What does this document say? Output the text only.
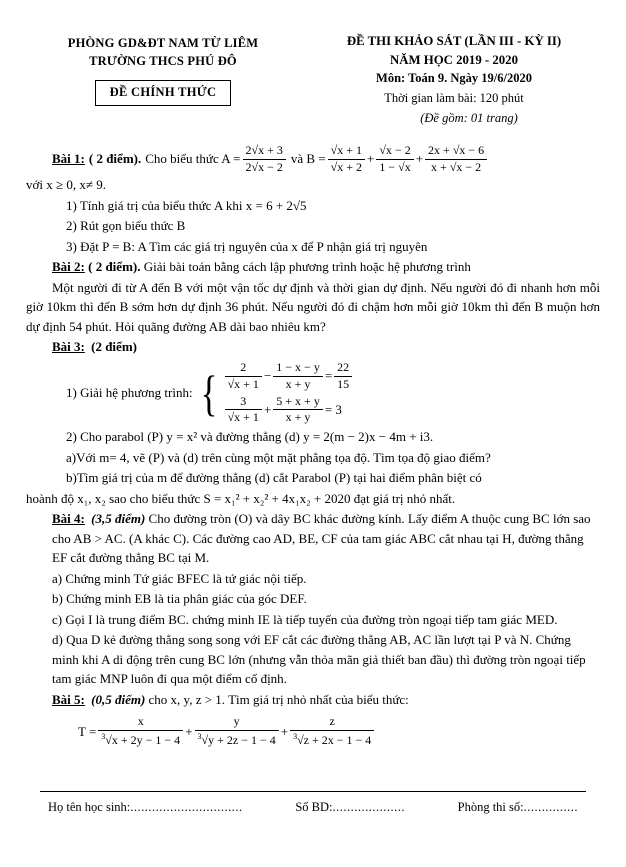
PHÒNG GD&ĐT NAM TỪ LIÊM
TRƯỜNG THCS PHÚ ĐÔ
ĐỀ CHÍNH THỨC
ĐỀ THI KHẢO SÁT (LẦN III - KỲ II)
NĂM HỌC 2019 - 2020
Môn: Toán 9. Ngày 19/6/2020
Thời gian làm bài: 120 phút
(Đề gồm: 01 trang)
Bài 1: ( 2 điểm). Cho biểu thức $A = \frac{2√x + 3}{2√x - 2}$ và $B = \frac{√x + 1}{√x + 2} + \frac{√x - 2}{1 - √x} + \frac{2x + √x - 6}{x + √x - 2}$
với x ≥ 0, x≠ 9.
1) Tính giá trị của biểu thức A khi x = 6 + 2√5
2) Rút gọn biểu thức B
3) Đặt P = B: A Tìm các giá trị nguyên của x để P nhận giá trị nguyên
Bài 2: ( 2 điểm). Giải bài toán bằng cách lập phương trình hoặc hệ phương trình
Một người đi từ A đến B với một vận tốc dự định và thời gian dự định. Nếu người đó đi nhanh hơn mỗi giờ 10km thì đến B sớm hơn dự định 36 phút. Nếu người đó đi chậm hơn mỗi giờ 10km thì đến B muộn hơn dự định 54 phút. Hỏi quãng đường AB dài bao nhiêu km?
Bài 3: (2 điểm)
1) Giải hệ phương trình: { $\frac{2}{√x + 1} - \frac{1 - x - y}{x + y} = \frac{22}{15}$
$\frac{3}{√x + 1} + \frac{5 + x + y}{x + y} = 3$
2) Cho parabol (P) y = x² và đường thẳng (d) y = 2(m − 2)x − 4m + i3.
a)Với m= 4, vẽ (P) và (d) trên cùng một mặt phẳng tọa độ. Tìm tọa độ giao điểm?
b)Tìm giá trị của m để đường thẳng (d) cắt Parabol (P) tại hai điểm phân biệt có
hoành độ x₁, x₂ sao cho biểu thức S = x₁² + x₂² + 4x₁x₂ + 2020 đạt giá trị nhỏ nhất.
Bài 4: (3,5 điểm) Cho đường tròn (O) và dây BC khác đường kính. Lấy điểm A thuộc cung BC lớn sao cho AB > AC. (A khác C). Các đường cao AD, BE, CF của tam giác ABC cắt nhau tại H, đường thẳng EF cắt đường thẳng BC tại M.
a) Chứng minh Tứ giác BFEC là tứ giác nội tiếp.
b) Chứng minh EB là tia phân giác của góc DEF.
c) Gọi I là trung điểm BC. chứng minh IE là tiếp tuyến của đường tròn ngoại tiếp tam giác MED.
d) Qua D kẻ đường thẳng song song với EF cắt các đường thẳng AB, AC lần lượt tại P và N. Chứng minh khi A di động trên cung BC lớn (nhưng vẫn thỏa mãn giả thiết ban đầu) thì đường tròn ngoại tiếp tam giác MNP luôn đi qua một điểm cố định.
Bài 5: (0,5 điểm) cho x, y, z > 1. Tìm giá trị nhỏ nhất của biểu thức:
$T = \frac{x}{^3√x + 2y - 1 - 4} + \frac{y}{^3√y + 2z - 1 - 4} + \frac{z}{^3√z + 2x - 1 - 4}$
Họ tên học sinh:...............................	Số BD:....................	Phòng thi số:...............
